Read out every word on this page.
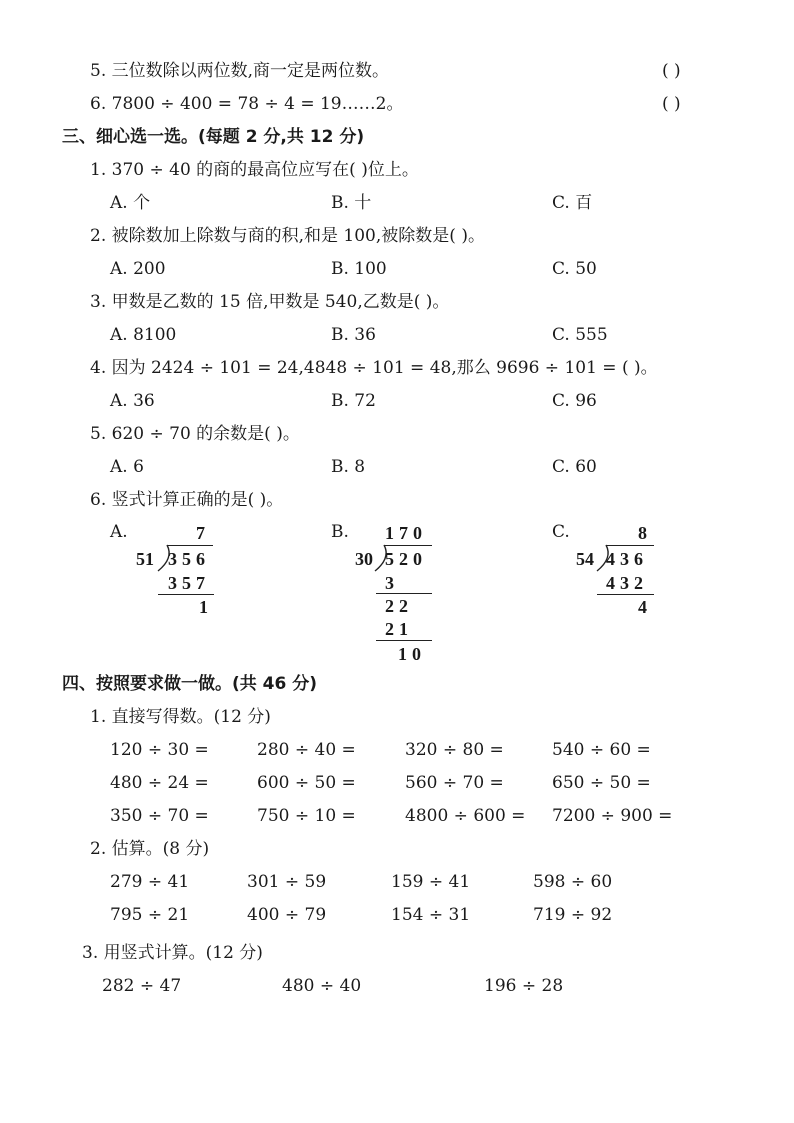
5. 三位数除以两位数,商一定是两位数。	( )
6. 7800 ÷ 400 = 78 ÷ 4 = 19……2。	( )
三、细心选一选。(每题 2 分,共 12 分)
1. 370 ÷ 40 的商的最高位应写在( )位上。
A. 个	B. 十	C. 百
2. 被除数加上除数与商的积,和是 100,被除数是( )。
A. 200	B. 100	C. 50
3. 甲数是乙数的 15 倍,甲数是 540,乙数是( )。
A. 8100	B. 36	C. 555
4. 因为 2424 ÷ 101 = 24,4848 ÷ 101 = 48,那么 9696 ÷ 101 = ( )。
A. 36	B. 72	C. 96
5. 620 ÷ 70 的余数是( )。
A. 6	B. 8	C. 60
6. 竖式计算正确的是( )。
A.	B.	C.
7
51 356
357
1
170
30 520
3
22
21
10
8
54 436
432
4
四、按照要求做一做。(共 46 分)
1. 直接写得数。(12 分)
120 ÷ 30 =	280 ÷ 40 =	320 ÷ 80 =	540 ÷ 60 =
480 ÷ 24 =	600 ÷ 50 =	560 ÷ 70 =	650 ÷ 50 =
350 ÷ 70 =	750 ÷ 10 =	4800 ÷ 600 = 7200 ÷ 900 =
2. 估算。(8 分)
279 ÷ 41	301 ÷ 59	159 ÷ 41	598 ÷ 60
795 ÷ 21	400 ÷ 79	154 ÷ 31	719 ÷ 92
3. 用竖式计算。(12 分)
282 ÷ 47	480 ÷ 40	196 ÷ 28
